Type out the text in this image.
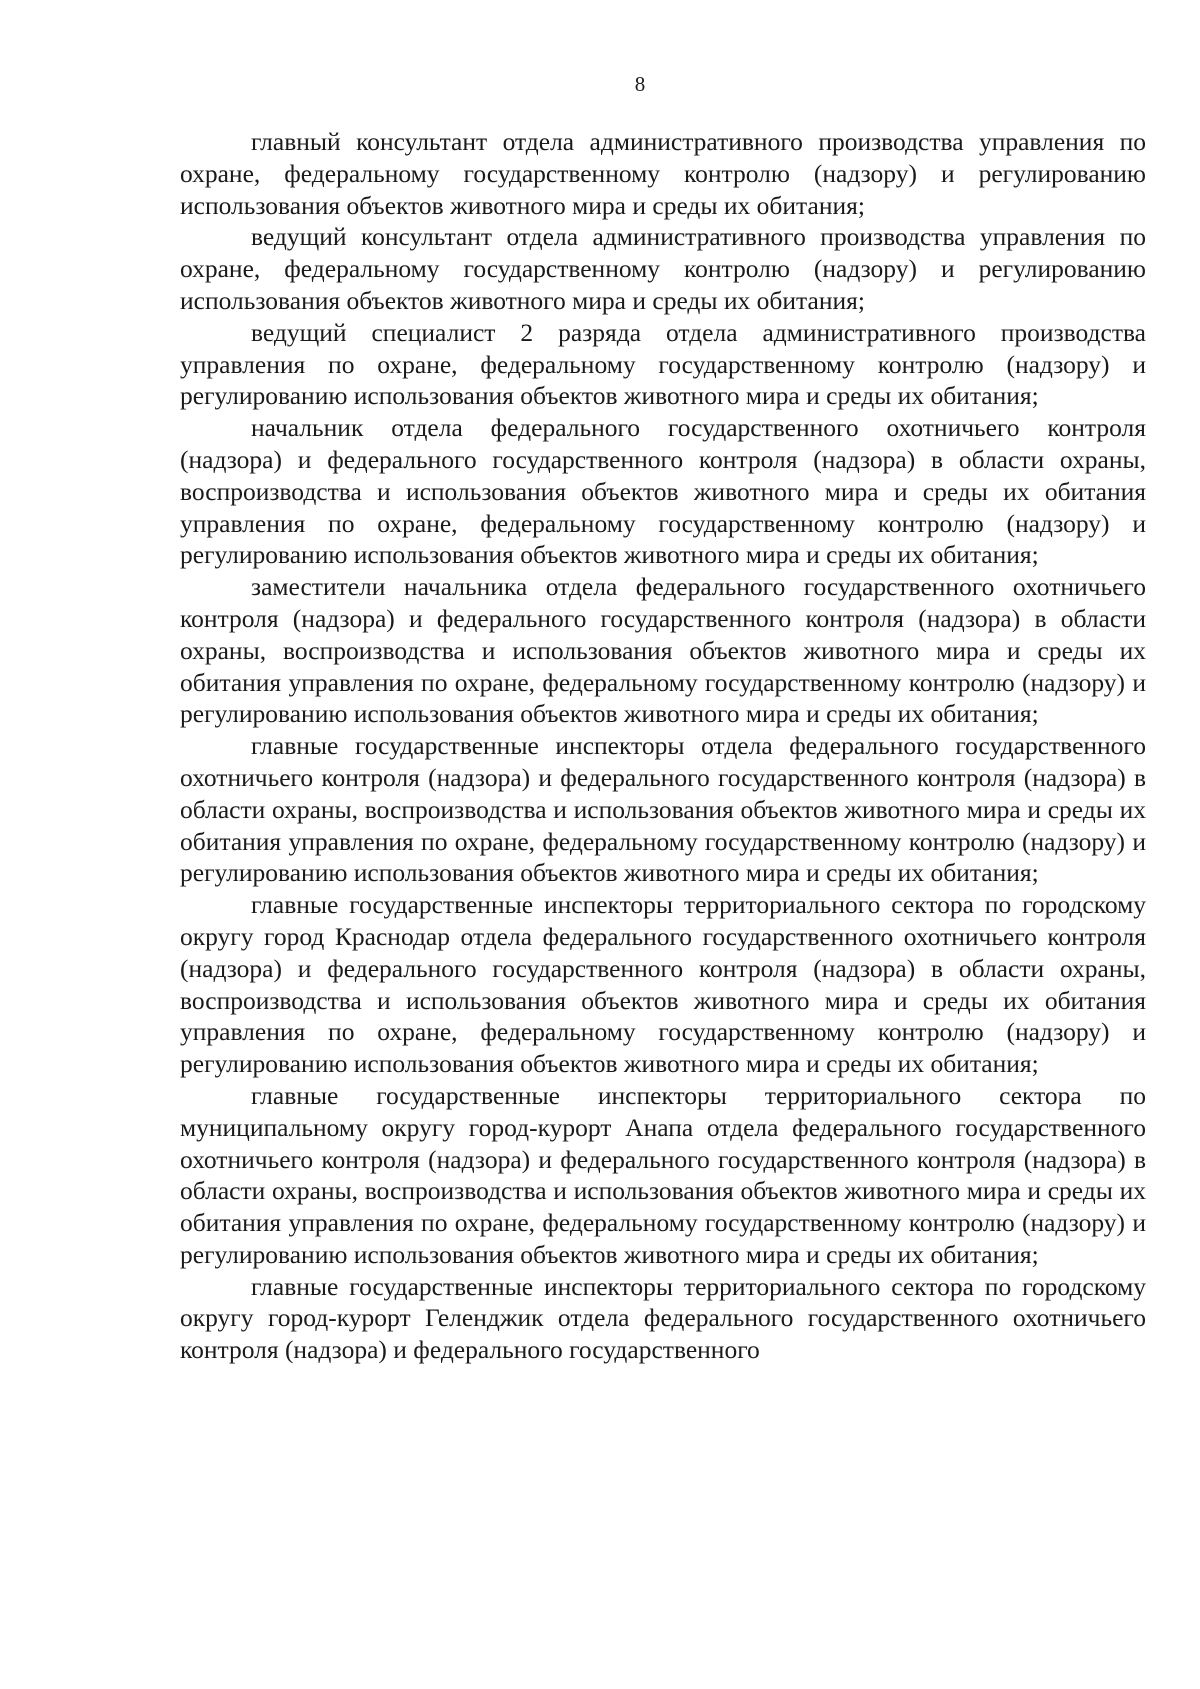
8

главный консультант отдела административного производства управления по охране, федеральному государственному контролю (надзору) и регулированию использования объектов животного мира и среды их обитания;

ведущий консультант отдела административного производства управления по охране, федеральному государственному контролю (надзору) и регулированию использования объектов животного мира и среды их обитания;

ведущий специалист 2 разряда отдела административного производства управления по охране, федеральному государственному контролю (надзору) и регулированию использования объектов животного мира и среды их обитания;

начальник отдела федерального государственного охотничьего контроля (надзора) и федерального государственного контроля (надзора) в области охраны, воспроизводства и использования объектов животного мира и среды их обитания управления по охране, федеральному государственному контролю (надзору) и регулированию использования объектов животного мира и среды их обитания;

заместители начальника отдела федерального государственного охотничьего контроля (надзора) и федерального государственного контроля (надзора) в области охраны, воспроизводства и использования объектов животного мира и среды их обитания управления по охране, федеральному государственному контролю (надзору) и регулированию использования объектов животного мира и среды их обитания;

главные государственные инспекторы отдела федерального государственного охотничьего контроля (надзора) и федерального государственного контроля (надзора) в области охраны, воспроизводства и использования объектов животного мира и среды их обитания управления по охране, федеральному государственному контролю (надзору) и регулированию использования объектов животного мира и среды их обитания;

главные государственные инспекторы территориального сектора по городскому округу город Краснодар отдела федерального государственного охотничьего контроля (надзора) и федерального государственного контроля (надзора) в области охраны, воспроизводства и использования объектов животного мира и среды их обитания управления по охране, федеральному государственному контролю (надзору) и регулированию использования объектов животного мира и среды их обитания;

главные государственные инспекторы территориального сектора по муниципальному округу город-курорт Анапа отдела федерального государственного охотничьего контроля (надзора) и федерального государственного контроля (надзора) в области охраны, воспроизводства и использования объектов животного мира и среды их обитания управления по охране, федеральному государственному контролю (надзору) и регулированию использования объектов животного мира и среды их обитания;

главные государственные инспекторы территориального сектора по городскому округу город-курорт Геленджик отдела федерального государственного охотничьего контроля (надзора) и федерального государственного
